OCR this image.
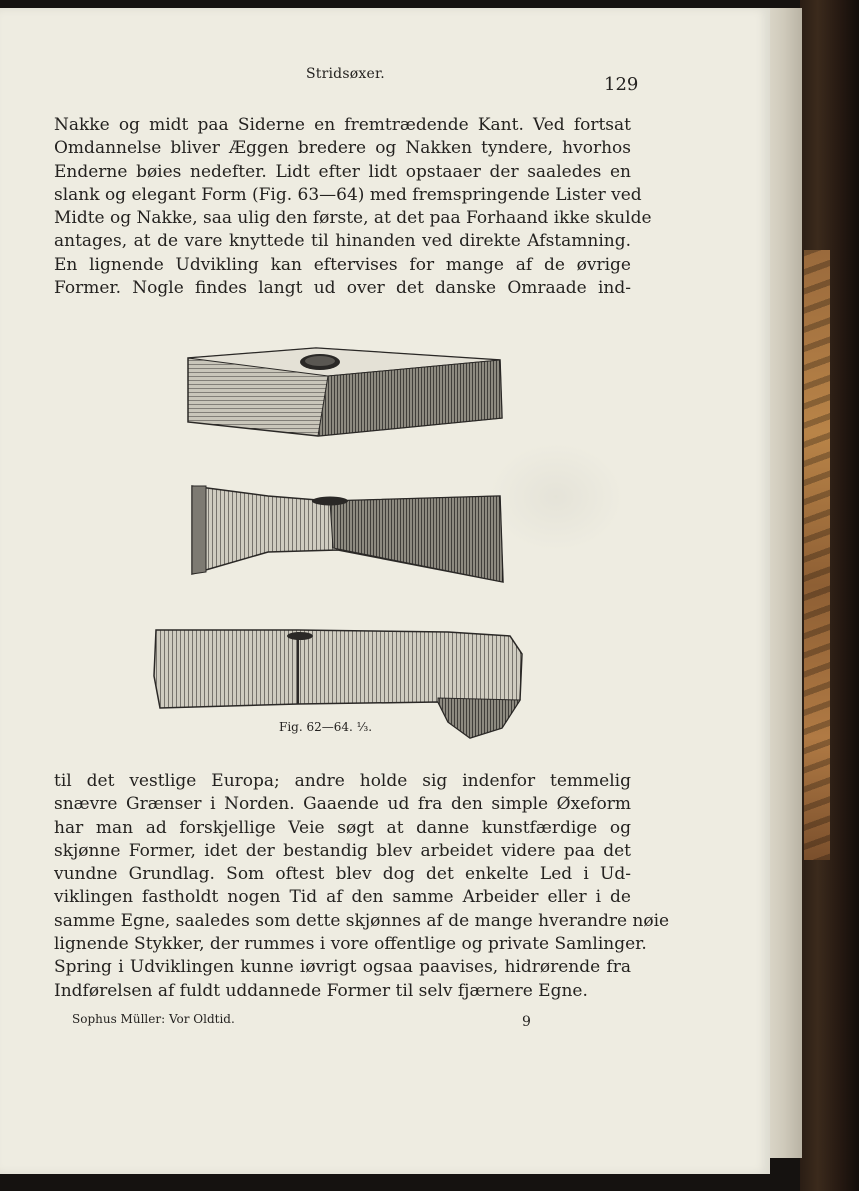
Stridsøxer.	129
Nakke og midt paa Siderne en fremtrædende Kant. Ved fortsat
Omdannelse bliver Æggen bredere og Nakken tyndere, hvorhos
Enderne bøies nedefter. Lidt efter lidt opstaaer der saaledes en
slank og elegant Form (Fig. 63—64) med fremspringende Lister ved
Midte og Nakke, saa ulig den første, at det paa Forhaand ikke skulde
antages, at de vare knyttede til hinanden ved direkte Afstamning.
En lignende Udvikling kan eftervises for mange af de øvrige
Former. Nogle findes langt ud over det danske Omraade ind-
Fig. 62—64. ⅓.
til det vestlige Europa; andre holde sig indenfor temmelig
snævre Grænser i Norden. Gaaende ud fra den simple Øxeform
har man ad forskjellige Veie søgt at danne kunstfærdige og
skjønne Former, idet der bestandig blev arbeidet videre paa det
vundne Grundlag. Som oftest blev dog det enkelte Led i Ud-
viklingen fastholdt nogen Tid af den samme Arbeider eller i de
samme Egne, saaledes som dette skjønnes af de mange hverandre nøie
lignende Stykker, der rummes i vore offentlige og private Samlinger.
Spring i Udviklingen kunne iøvrigt ogsaa paavises, hidrørende fra
Indførelsen af fuldt uddannede Former til selv fjærnere Egne.
Sophus Müller: Vor Oldtid.	9
